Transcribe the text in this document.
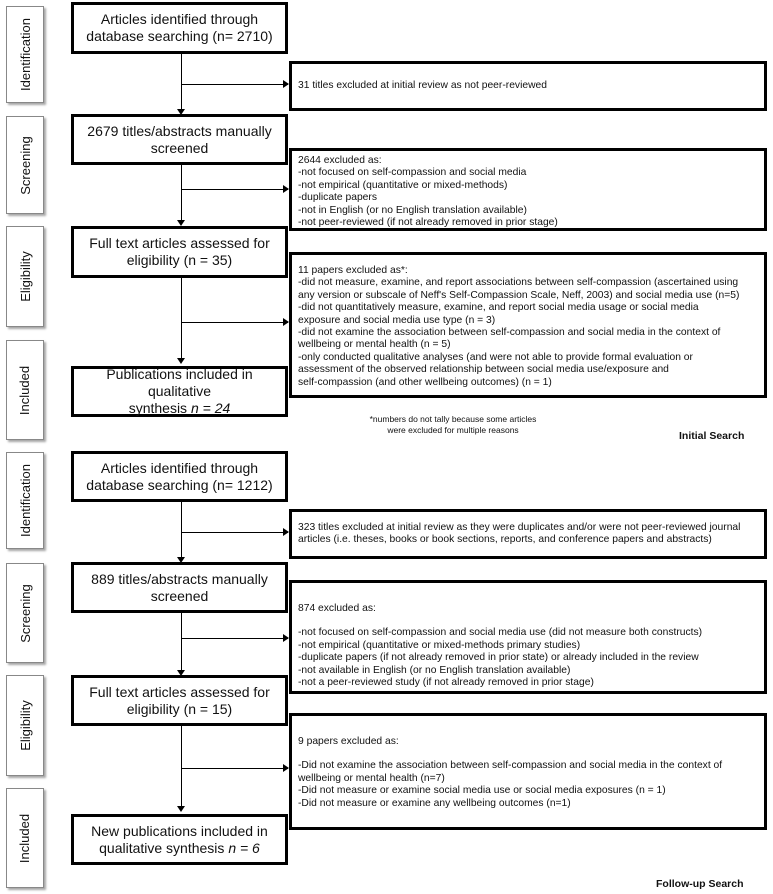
Identification
Screening
Eligibility
Included
Articles identified through
database searching (n= 2710)
2679 titles/abstracts manually
screened
Full text articles assessed for
eligibility (n = 35)
Publications included in qualitative
synthesis n = 24
31 titles excluded at initial review as not peer-reviewed
2644 excluded as:
-not focused on self-compassion and social media
-not empirical (quantitative or mixed-methods)
-duplicate papers
-not in English (or no English translation available)
-not peer-reviewed (if not already removed in prior stage)
11 papers excluded as*:
-did not measure, examine, and report associations between self-compassion (ascertained using
any version or subscale of Neff's Self-Compassion Scale, Neff, 2003) and social media use (n=5)
-did not quantitatively measure, examine, and report social media usage or social media
exposure and social media use type (n = 3)
-did not examine the association between self-compassion and social media in the context of
wellbeing or mental health (n = 5)
-only conducted qualitative analyses (and were not able to provide formal evaluation or
assessment of the observed relationship between social media use/exposure and
self-compassion (and other wellbeing outcomes) (n = 1)
*numbers do not tally because some articles
were excluded for multiple reasons	Initial Search
Identification
Screening
Eligibility
Included
Articles identified through
database searching (n= 1212)
889 titles/abstracts manually
screened
Full text articles assessed for
eligibility (n = 15)
New publications included in
qualitative synthesis n = 6
323 titles excluded at initial review as they were duplicates and/or were not peer-reviewed journal
articles (i.e. theses, books or book sections, reports, and conference papers and abstracts)
874 excluded as:
-not focused on self-compassion and social media use (did not measure both constructs)
-not empirical (quantitative or mixed-methods primary studies)
-duplicate papers (if not already removed in prior state) or already included in the review
-not available in English (or no English translation available)
-not a peer-reviewed study (if not already removed in prior stage)
9 papers excluded as:
-Did not examine the association between self-compassion and social media in the context of
wellbeing or mental health (n=7)
-Did not measure or examine social media use or social media exposures (n = 1)
-Did not measure or examine any wellbeing outcomes (n=1)
Follow-up Search
